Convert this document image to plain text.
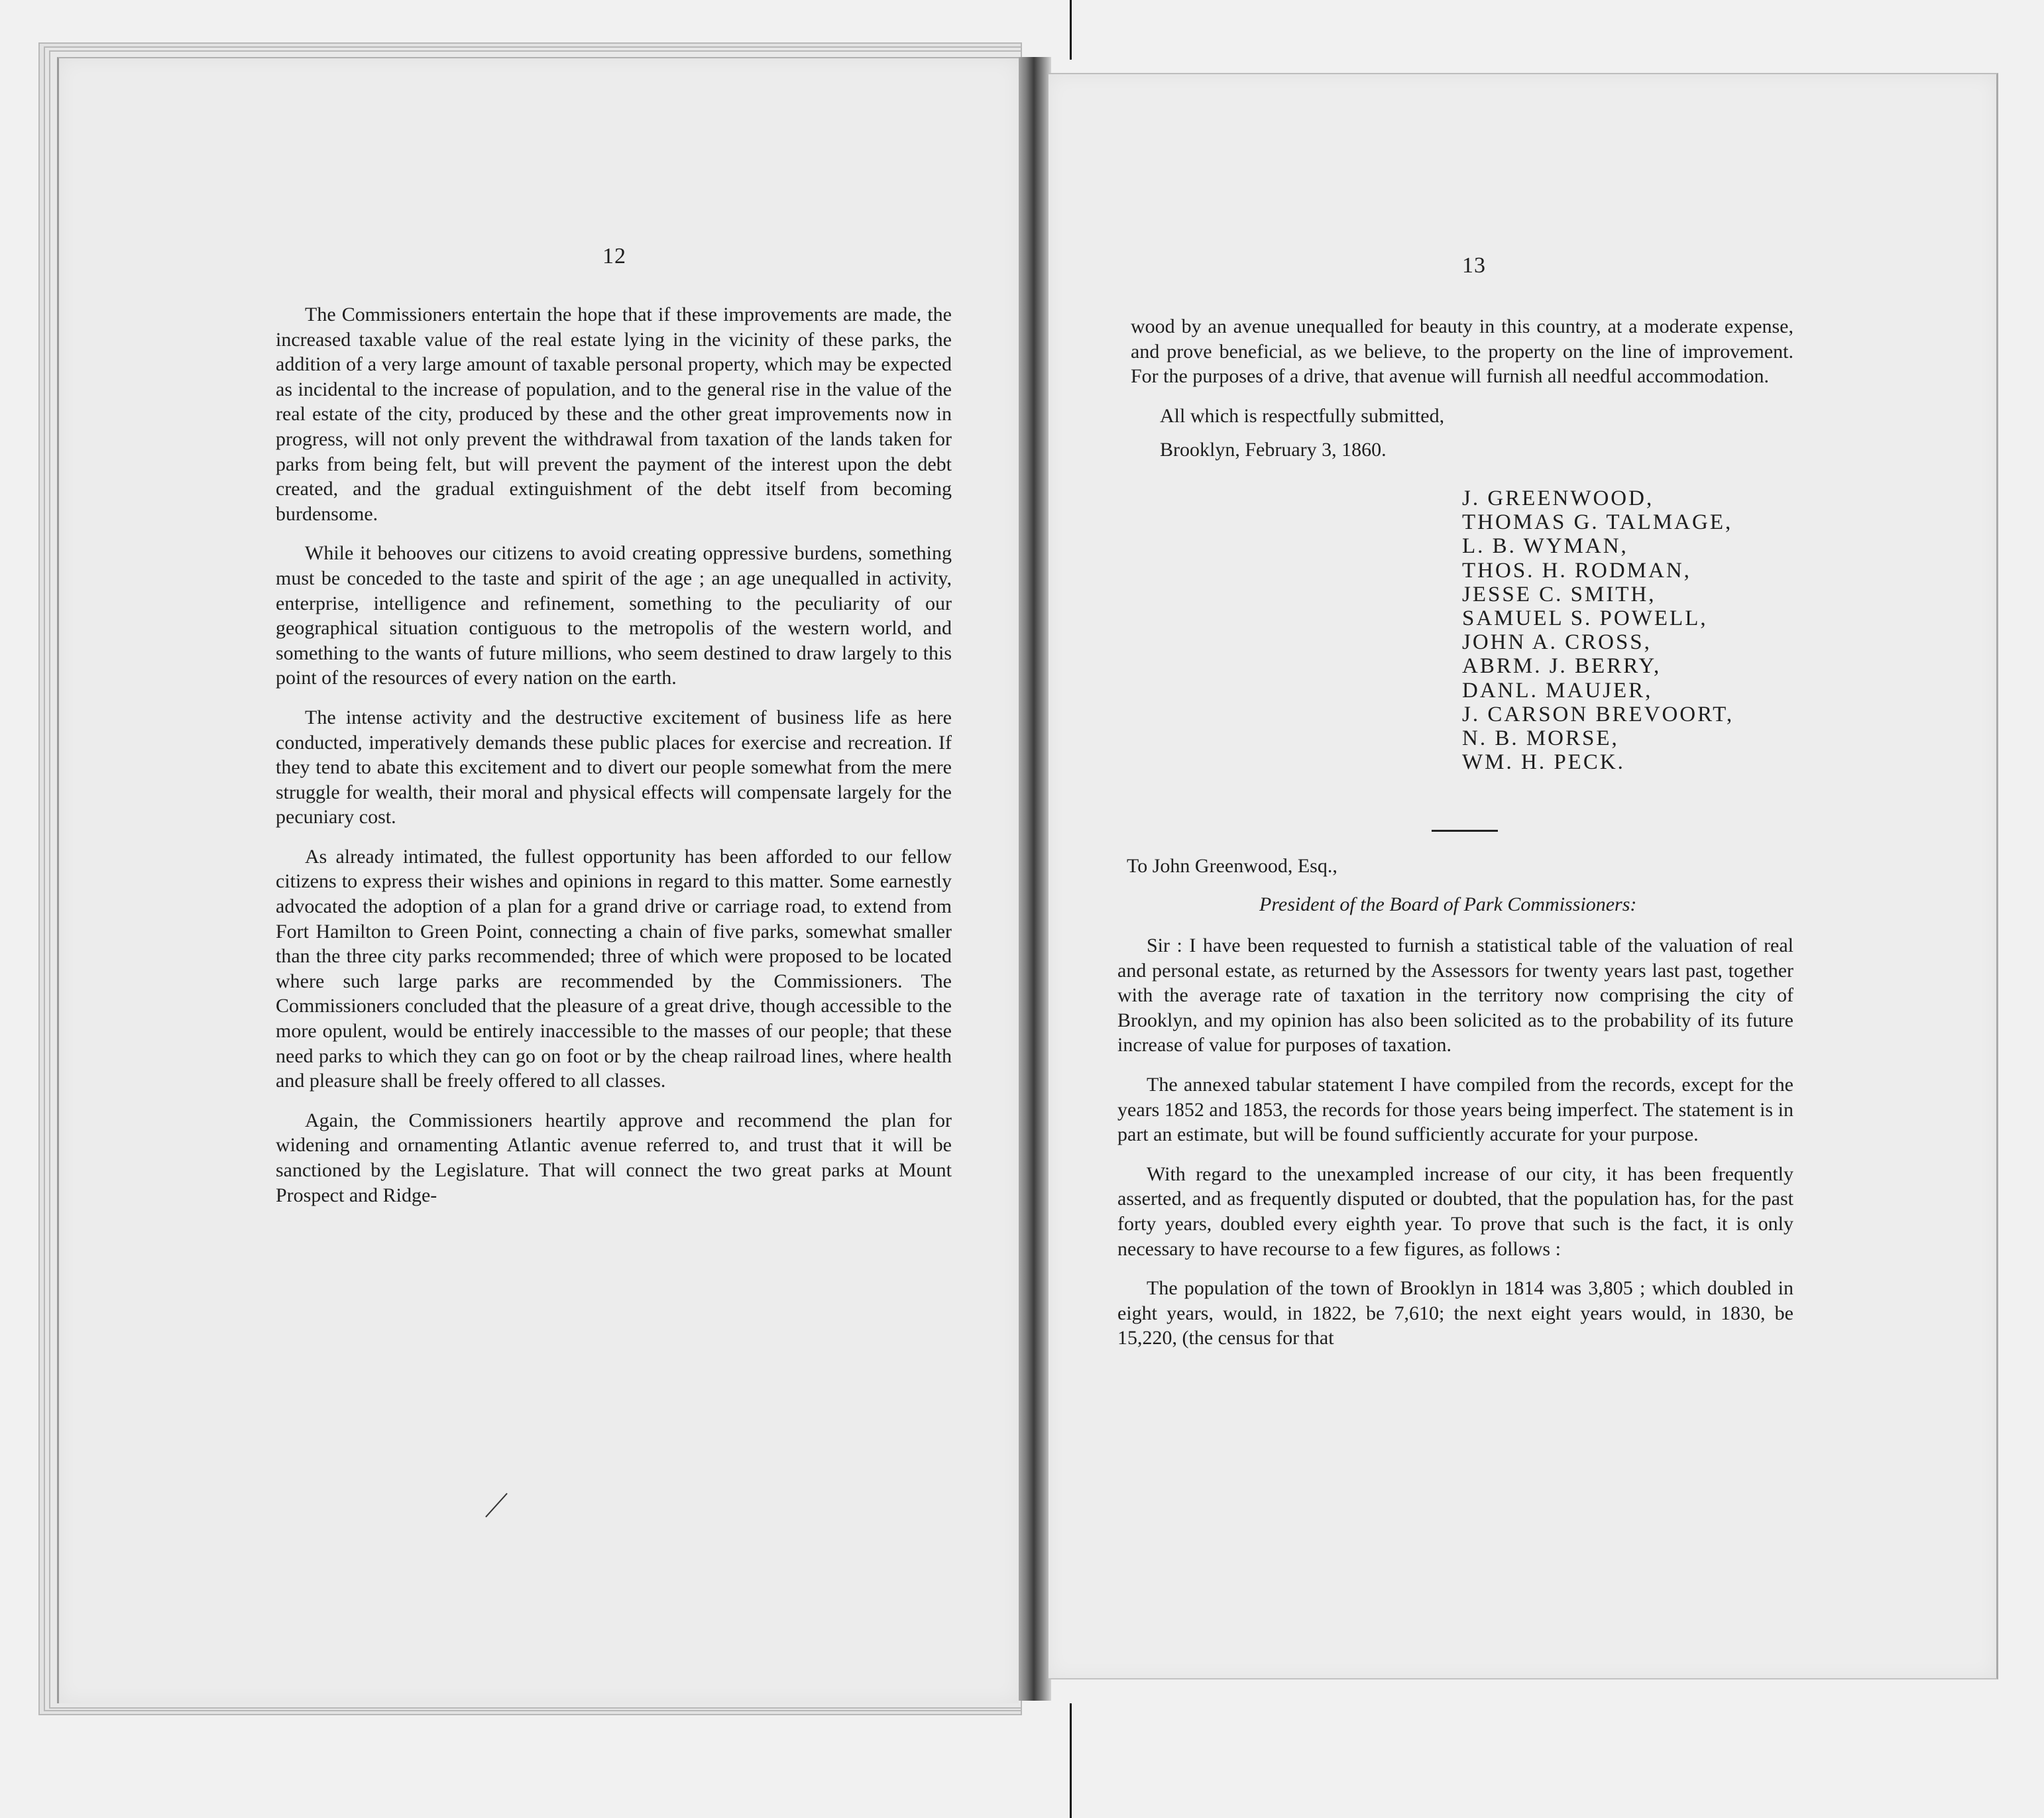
12

The Commissioners entertain the hope that if these improvements are made, the increased taxable value of the real estate lying in the vicinity of these parks, the addition of a very large amount of taxable personal property, which may be expected as incidental to the increase of population, and to the general rise in the value of the real estate of the city, produced by these and the other great improvements now in progress, will not only prevent the withdrawal from taxation of the lands taken for parks from being felt, but will prevent the payment of the interest upon the debt created, and the gradual extinguishment of the debt itself from becoming burdensome.

While it behooves our citizens to avoid creating oppressive burdens, something must be conceded to the taste and spirit of the age ; an age unequalled in activity, enterprise, intelligence and refinement, something to the peculiarity of our geographical situation contiguous to the metropolis of the western world, and something to the wants of future millions, who seem destined to draw largely to this point of the resources of every nation on the earth.

The intense activity and the destructive excitement of business life as here conducted, imperatively demands these public places for exercise and recreation. If they tend to abate this excitement and to divert our people somewhat from the mere struggle for wealth, their moral and physical effects will compensate largely for the pecuniary cost.

As already intimated, the fullest opportunity has been afforded to our fellow citizens to express their wishes and opinions in regard to this matter. Some earnestly advocated the adoption of a plan for a grand drive or carriage road, to extend from Fort Hamilton to Green Point, connecting a chain of five parks, somewhat smaller than the three city parks recommended; three of which were proposed to be located where such large parks are recommended by the Commissioners. The Commissioners concluded that the pleasure of a great drive, though accessible to the more opulent, would be entirely inaccessible to the masses of our people; that these need parks to which they can go on foot or by the cheap railroad lines, where health and pleasure shall be freely offered to all classes.

Again, the Commissioners heartily approve and recommend the plan for widening and ornamenting Atlantic avenue referred to, and trust that it will be sanctioned by the Legislature. That will connect the two great parks at Mount Prospect and Ridge-

13

wood by an avenue unequalled for beauty in this country, at a moderate expense, and prove beneficial, as we believe, to the property on the line of improvement. For the purposes of a drive, that avenue will furnish all needful accommodation.

All which is respectfully submitted,

Brooklyn, February 3, 1860.

J. GREENWOOD,
THOMAS G. TALMAGE,
L. B. WYMAN,
THOS. H. RODMAN,
JESSE C. SMITH,
SAMUEL S. POWELL,
JOHN A. CROSS,
ABRM. J. BERRY,
DANL. MAUJER,
J. CARSON BREVOORT,
N. B. MORSE,
WM. H. PECK.
To John Greenwood, Esq.,
President of the Board of Park Commissioners:

Sir : I have been requested to furnish a statistical table of the valuation of real and personal estate, as returned by the Assessors for twenty years last past, together with the average rate of taxation in the territory now comprising the city of Brooklyn, and my opinion has also been solicited as to the probability of its future increase of value for purposes of taxation.

The annexed tabular statement I have compiled from the records, except for the years 1852 and 1853, the records for those years being imperfect. The statement is in part an estimate, but will be found sufficiently accurate for your purpose.

With regard to the unexampled increase of our city, it has been frequently asserted, and as frequently disputed or doubted, that the population has, for the past forty years, doubled every eighth year. To prove that such is the fact, it is only necessary to have recourse to a few figures, as follows :

The population of the town of Brooklyn in 1814 was 3,805 ; which doubled in eight years, would, in 1822, be 7,610; the next eight years would, in 1830, be 15,220, (the census for that
